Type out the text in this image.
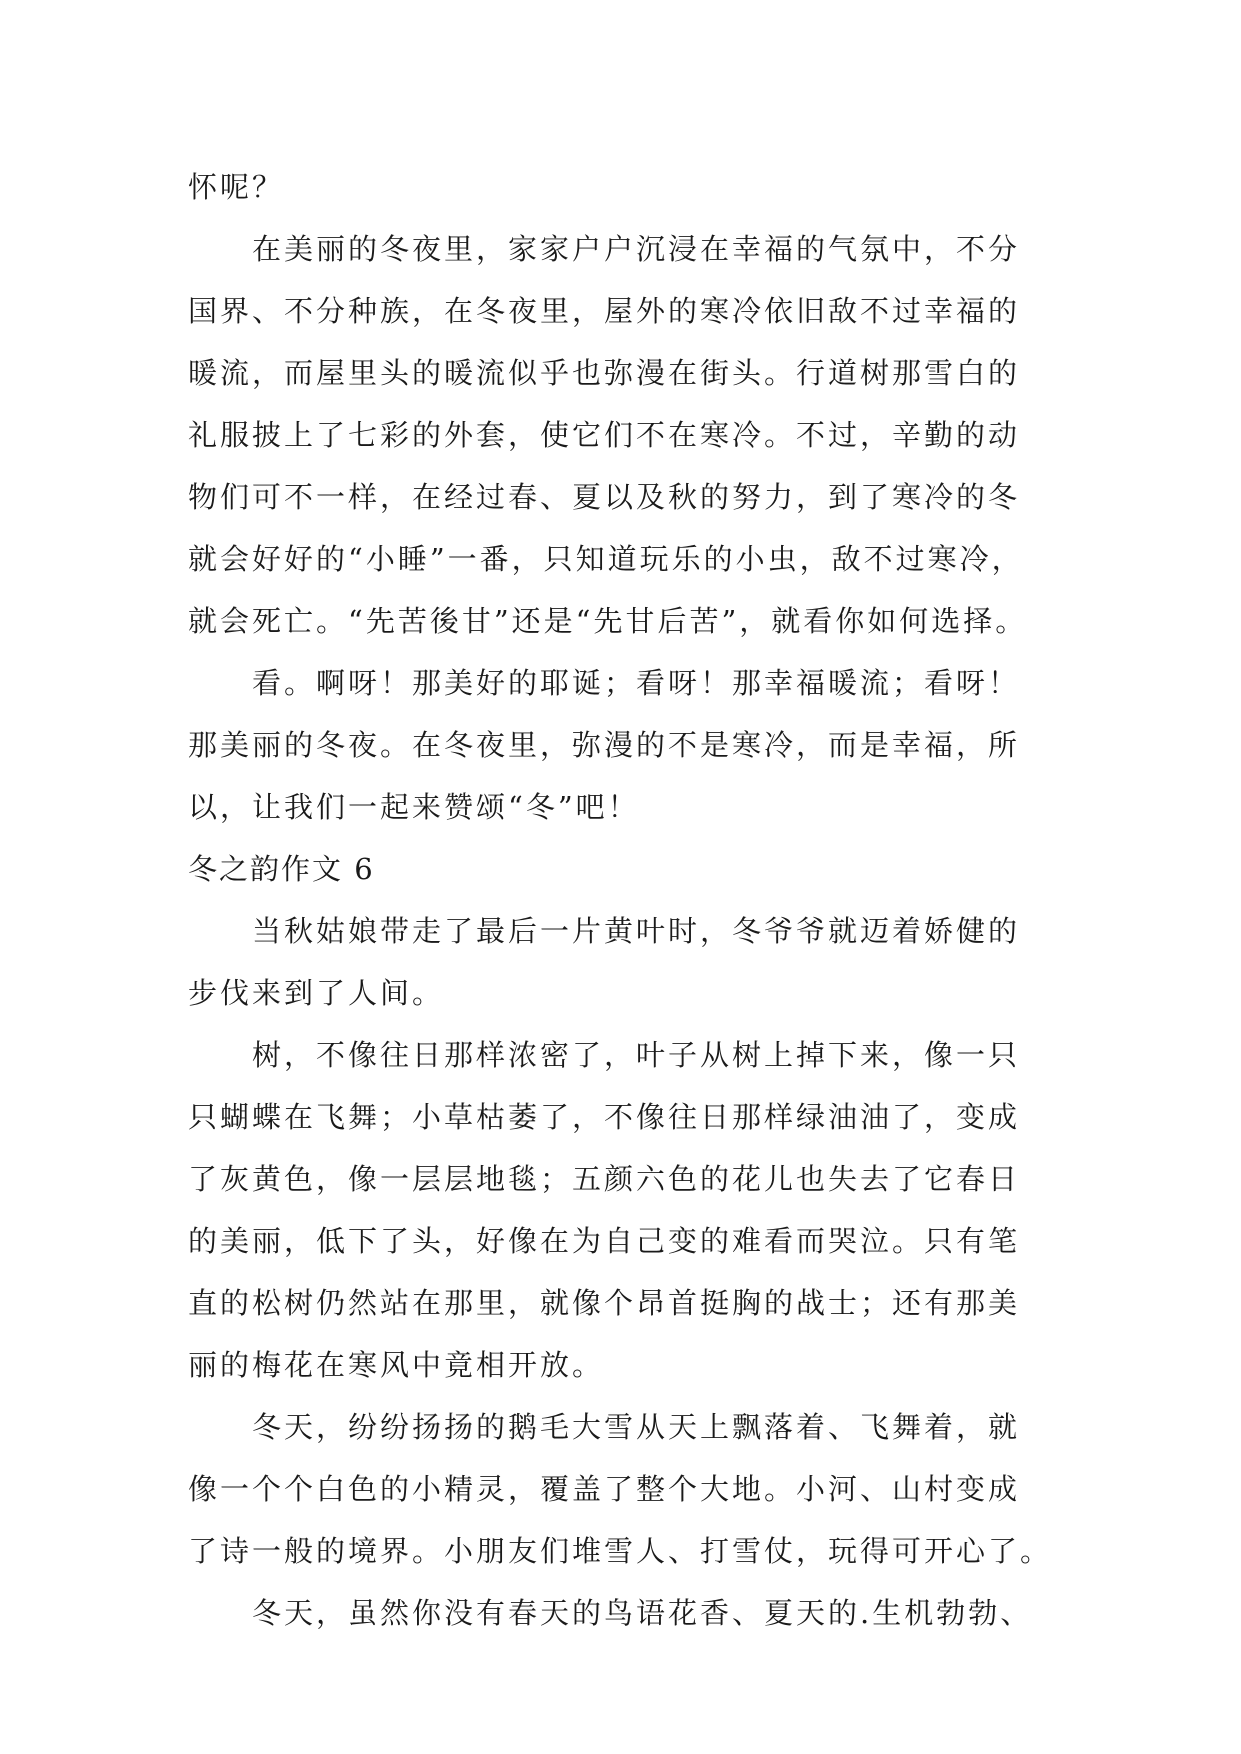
怀呢？
在美丽的冬夜里，家家户户沉浸在幸福的气氛中，不分
国界、不分种族，在冬夜里，屋外的寒冷依旧敌不过幸福的
暖流，而屋里头的暖流似乎也弥漫在街头。行道树那雪白的
礼服披上了七彩的外套，使它们不在寒冷。不过，辛勤的动
物们可不一样，在经过春、夏以及秋的努力，到了寒冷的冬
就会好好的“小睡”一番，只知道玩乐的小虫，敌不过寒冷，
就会死亡。“先苦後甘”还是“先甘后苦”，就看你如何选择。
看。啊呀！那美好的耶诞；看呀！那幸福暖流；看呀！
那美丽的冬夜。在冬夜里，弥漫的不是寒冷，而是幸福，所
以，让我们一起来赞颂“冬”吧！
冬之韵作文 6
当秋姑娘带走了最后一片黄叶时，冬爷爷就迈着娇健的
步伐来到了人间。
树，不像往日那样浓密了，叶子从树上掉下来，像一只
只蝴蝶在飞舞；小草枯萎了，不像往日那样绿油油了，变成
了灰黄色，像一层层地毯；五颜六色的花儿也失去了它春日
的美丽，低下了头，好像在为自己变的难看而哭泣。只有笔
直的松树仍然站在那里，就像个昂首挺胸的战士；还有那美
丽的梅花在寒风中竟相开放。
冬天，纷纷扬扬的鹅毛大雪从天上飘落着、飞舞着，就
像一个个白色的小精灵，覆盖了整个大地。小河、山村变成
了诗一般的境界。小朋友们堆雪人、打雪仗，玩得可开心了。
冬天，虽然你没有春天的鸟语花香、夏天的.生机勃勃、
